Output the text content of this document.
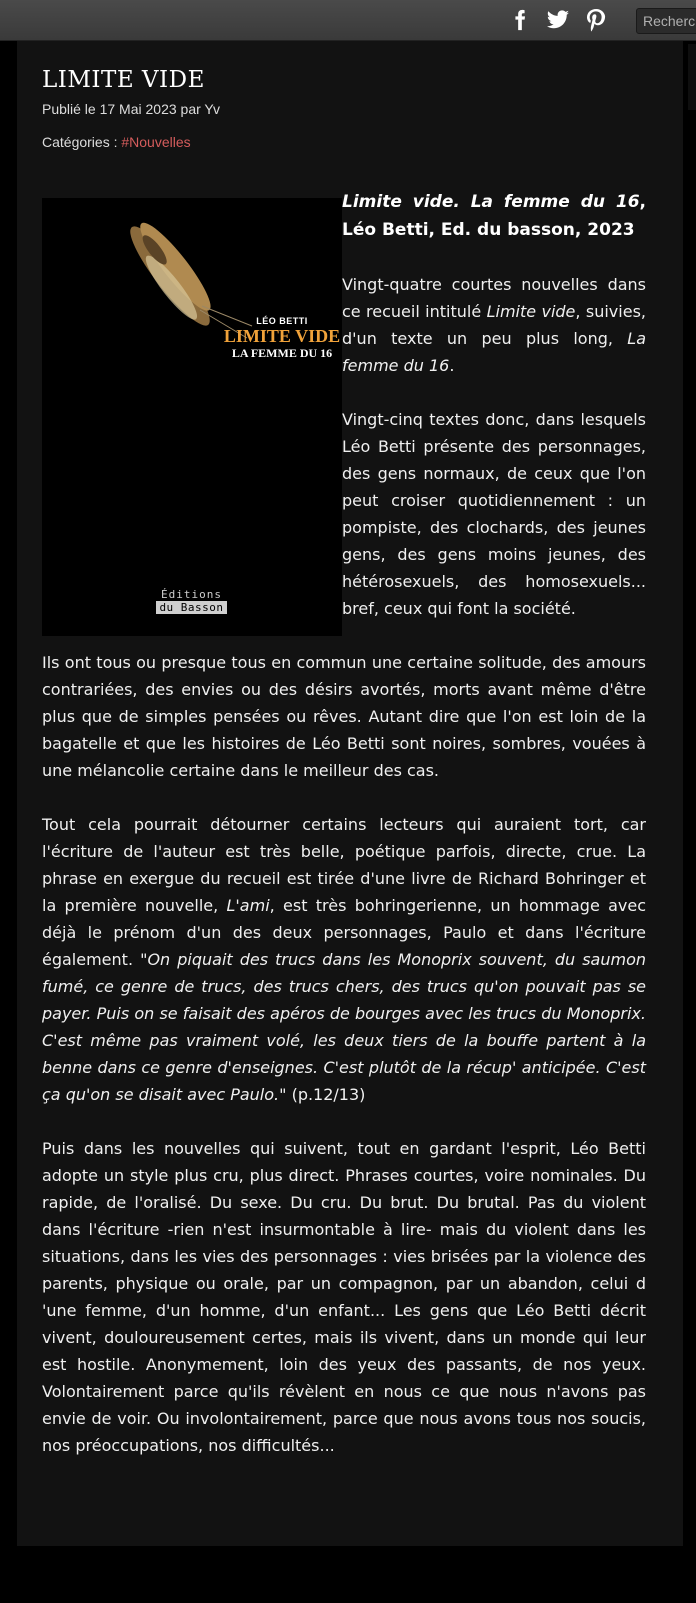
Recherch
LIMITE VIDE
Publié le 17 Mai 2023 par Yv
Catégories : #Nouvelles

Limite vide. La femme du 16, Léo Betti, Ed. du basson, 2023

Vingt-quatre courtes nouvelles dans ce recueil intitulé Limite vide, suivies, d'un texte un peu plus long, La femme du 16.

Vingt-cinq textes donc, dans lesquels Léo Betti présente des personnages, des gens normaux, de ceux que l'on peut croiser quotidiennement : un pompiste, des clochards, des jeunes gens, des gens moins jeunes, des hétérosexuels, des homosexuels... bref, ceux qui font la société.

Ils ont tous ou presque tous en commun une certaine solitude, des amours contrariées, des envies ou des désirs avortés, morts avant même d'être plus que de simples pensées ou rêves. Autant dire que l'on est loin de la bagatelle et que les histoires de Léo Betti sont noires, sombres, vouées à une mélancolie certaine dans le meilleur des cas.

Tout cela pourrait détourner certains lecteurs qui auraient tort, car l'écriture de l'auteur est très belle, poétique parfois, directe, crue. La phrase en exergue du recueil est tirée d'une livre de Richard Bohringer et la première nouvelle, L'ami, est très bohringerienne, un hommage avec déjà le prénom d'un des deux personnages, Paulo et dans l'écriture également. "On piquait des trucs dans les Monoprix souvent, du saumon fumé, ce genre de trucs, des trucs chers, des trucs qu'on pouvait pas se payer. Puis on se faisait des apéros de bourges avec les trucs du Monoprix. C'est même pas vraiment volé, les deux tiers de la bouffe partent à la benne dans ce genre d'enseignes. C'est plutôt de la récup' anticipée. C'est ça qu'on se disait avec Paulo." (p.12/13)

Puis dans les nouvelles qui suivent, tout en gardant l'esprit, Léo Betti adopte un style plus cru, plus direct. Phrases courtes, voire nominales. Du rapide, de l'oralisé. Du sexe. Du cru. Du brut. Du brutal. Pas du violent dans l'écriture -rien n'est insurmontable à lire- mais du violent dans les situations, dans les vies des personnages : vies brisées par la violence des parents, physique ou orale, par un compagnon, par un abandon, celui d 'une femme, d'un homme, d'un enfant... Les gens que Léo Betti décrit vivent, douloureusement certes, mais ils vivent, dans un monde qui leur est hostile. Anonymement, loin des yeux des passants, de nos yeux. Volontairement parce qu'ils révèlent en nous ce que nous n'avons pas envie de voir. Ou involontairement, parce que nous avons tous nos soucis, nos préoccupations, nos difficultés...

LÉO BETTI
LIMITE VIDE
LA FEMME DU 16
Éditions
du Basson
